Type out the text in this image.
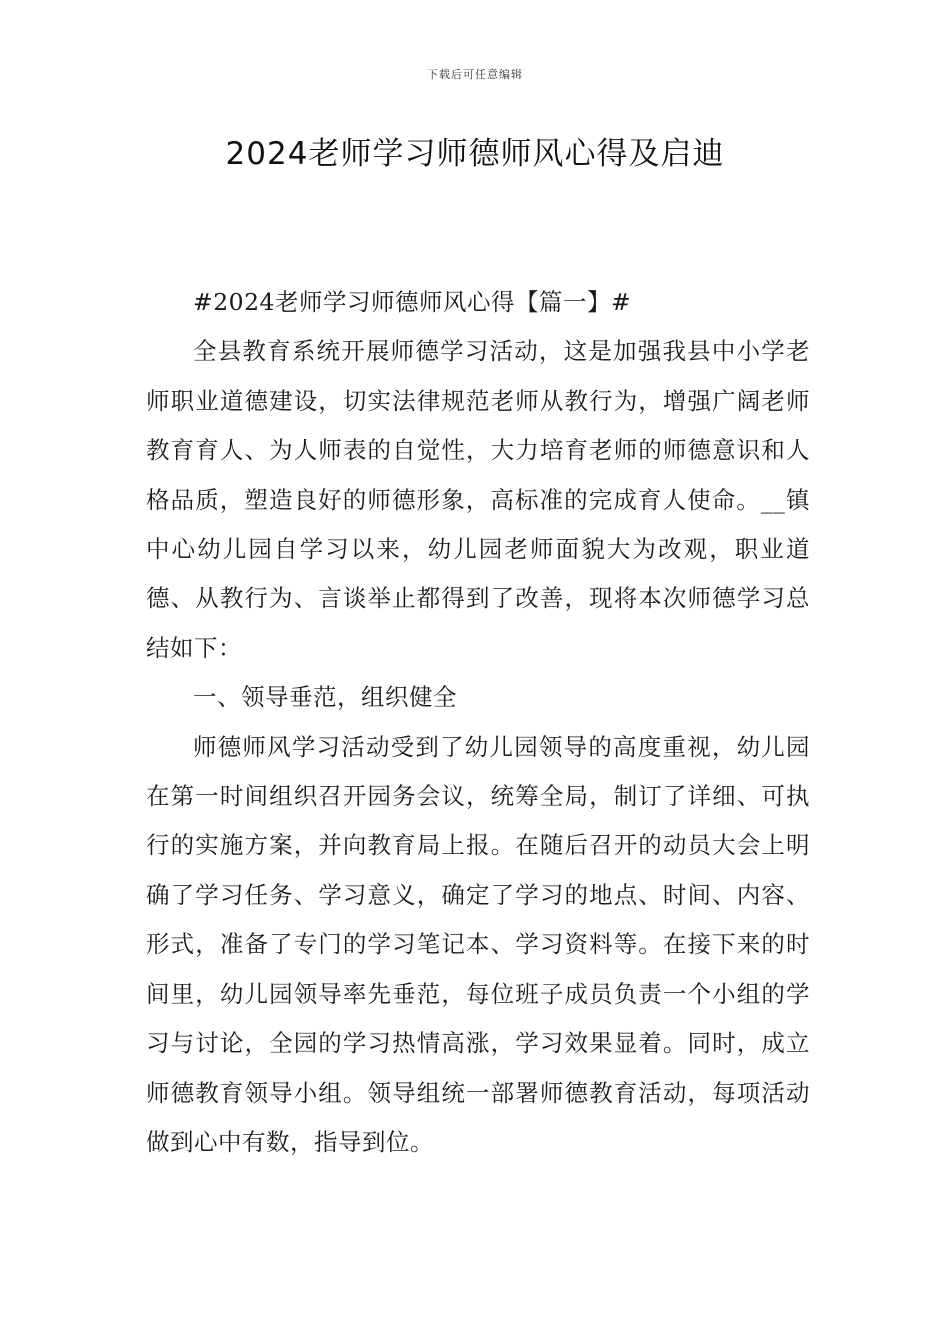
下载后可任意编辑
2024老师学习师德师风心得及启迪

#2024老师学习师德师风心得【篇一】#

全县教育系统开展师德学习活动，这是加强我县中小学老师职业道德建设，切实法律规范老师从教行为，增强广阔老师教育育人、为人师表的自觉性，大力培育老师的师德意识和人格品质，塑造良好的师德形象，高标准的完成育人使命。__镇中心幼儿园自学习以来，幼儿园老师面貌大为改观，职业道德、从教行为、言谈举止都得到了改善，现将本次师德学习总结如下：

一、领导垂范，组织健全

师德师风学习活动受到了幼儿园领导的高度重视，幼儿园在第一时间组织召开园务会议，统筹全局，制订了详细、可执行的实施方案，并向教育局上报。在随后召开的动员大会上明确了学习任务、学习意义，确定了学习的地点、时间、内容、形式，准备了专门的学习笔记本、学习资料等。在接下来的时间里，幼儿园领导率先垂范，每位班子成员负责一个小组的学习与讨论，全园的学习热情高涨，学习效果显着。同时，成立师德教育领导小组。领导组统一部署师德教育活动，每项活动做到心中有数，指导到位。
